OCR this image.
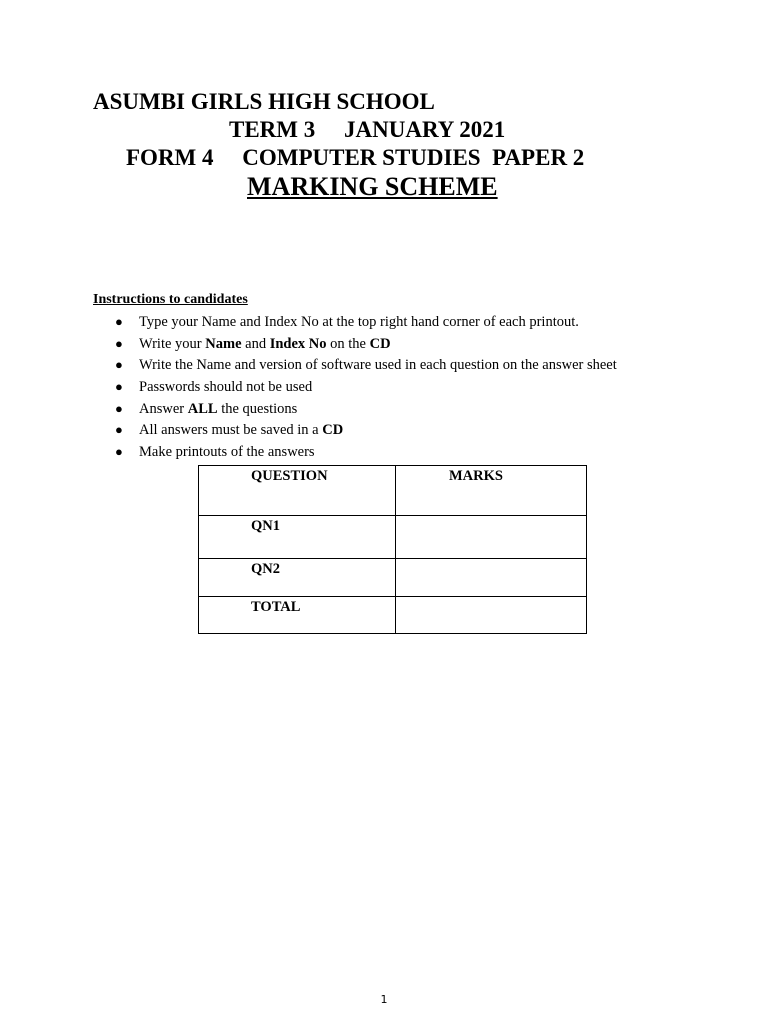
ASUMBI GIRLS HIGH SCHOOL
TERM 3     JANUARY 2021
FORM 4     COMPUTER STUDIES  PAPER 2
MARKING SCHEME
Instructions to candidates
● Type your Name and Index No at the top right hand corner of each printout.
● Write your Name and Index No on the CD
● Write the Name and version of software used in each question on the answer sheet
● Passwords should not be used
● Answer ALL the questions
● All answers must be saved in a CD
● Make printouts of the answers
QUESTION	MARKS

QN1	

QN2	

TOTAL	

1
